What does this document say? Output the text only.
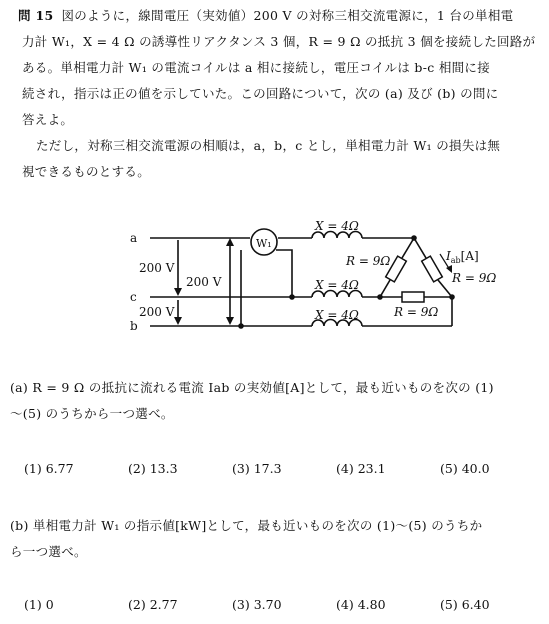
問 15 図のように，線間電圧（実効値）200 V の対称三相交流電源に，1 台の単相電
力計 W₁，X = 4 Ω の誘導性リアクタンス 3 個，R = 9 Ω の抵抗 3 個を接続した回路が
ある。単相電力計 W₁ の電流コイルは a 相に接続し，電圧コイルは b‑c 相間に接
続され，指示は正の値を示していた。この回路について，次の (a) 及び (b) の問に
答えよ。
ただし，対称三相交流電源の相順は，a，b，c とし，単相電力計 W₁ の損失は無
視できるものとする。
W₁
a
c
b
200 V
200 V
200 V
X = 4Ω
X = 4Ω
X = 4Ω
R = 9Ω
R = 9Ω
R = 9Ω
$I_{ab}[A]$
(a) R = 9 Ω の抵抗に流れる電流 Iab の実効値[A]として，最も近いものを次の (1)
～(5) のうちから一つ選べ。
(1) 6.77	(2) 13.3	(3) 17.3	(4) 23.1	(5) 40.0
(b) 単相電力計 W₁ の指示値[kW]として，最も近いものを次の (1)～(5) のうちか
ら一つ選べ。
(1) 0	(2) 2.77	(3) 3.70	(4) 4.80	(5) 6.40
